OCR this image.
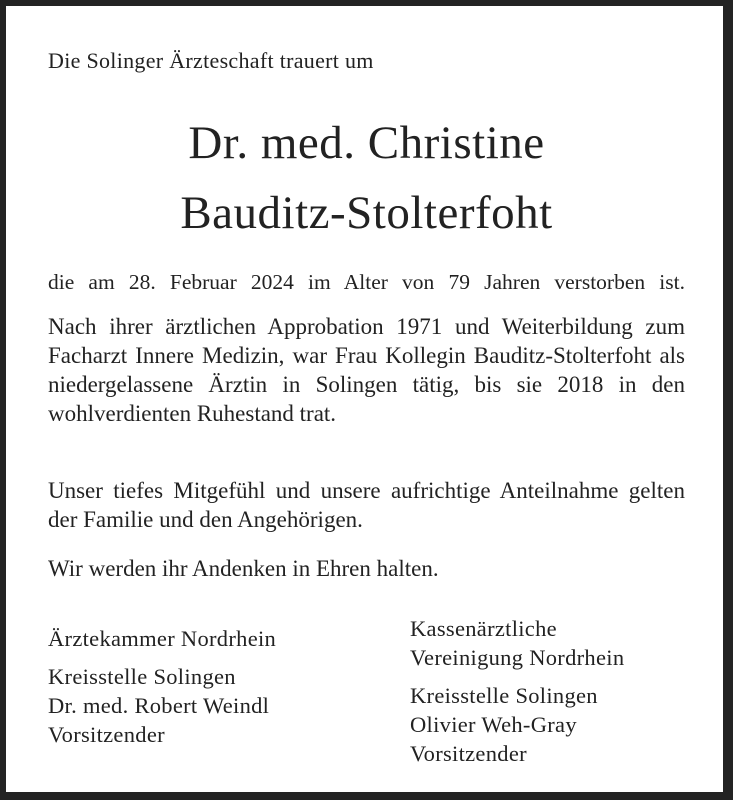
Die Solinger Ärzteschaft trauert um
Dr. med. Christine
Bauditz-Stolterfoht
die am 28. Februar 2024 im Alter von 79 Jahren verstorben ist.
Nach ihrer ärztlichen Approbation 1971 und Weiterbildung zum Facharzt Innere Medizin, war Frau Kollegin Bauditz-Stolterfoht als niedergelassene Ärztin in Solingen tätig, bis sie 2018 in den wohlverdienten Ruhestand trat.
Unser tiefes Mitgefühl und unsere aufrichtige Anteilnahme gelten der Familie und den Angehörigen.
Wir werden ihr Andenken in Ehren halten.
Ärztekammer Nordrhein
Kreisstelle Solingen
Dr. med. Robert Weindl
Vorsitzender
Kassenärztliche
Vereinigung Nordrhein
Kreisstelle Solingen
Olivier Weh-Gray
Vorsitzender
